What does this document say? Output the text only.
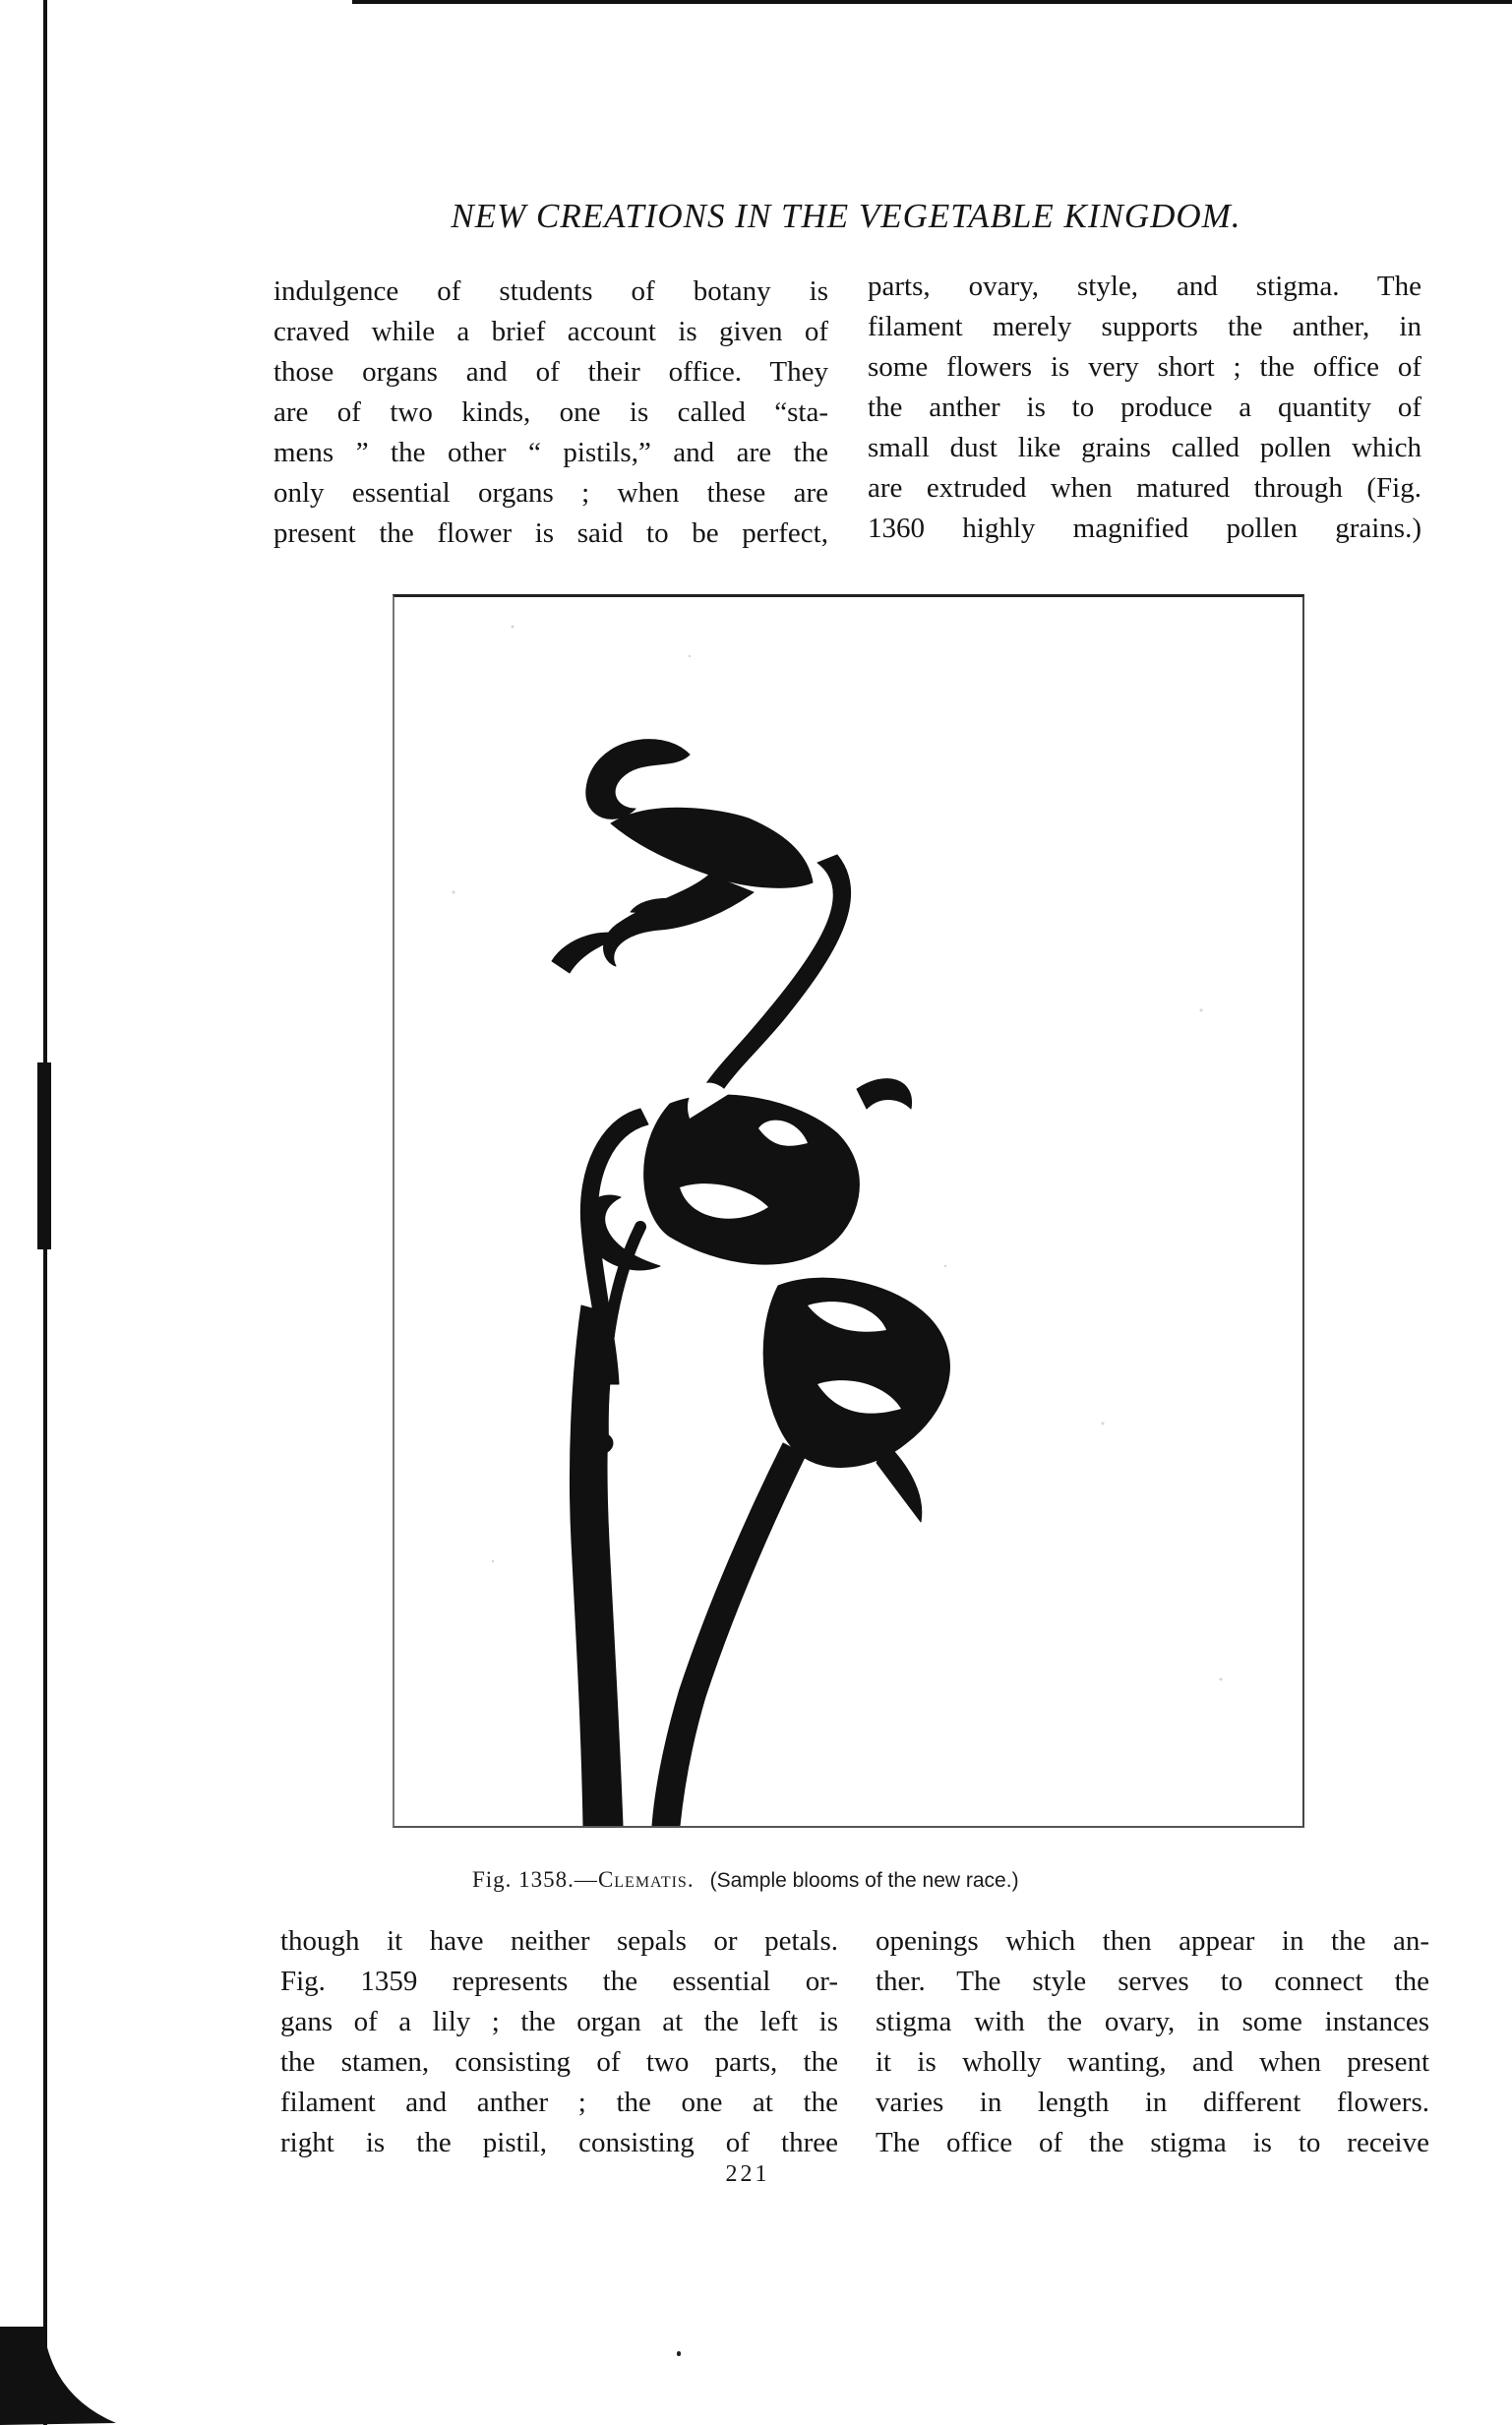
NEW CREATIONS IN THE VEGETABLE KINGDOM.
indulgence of students of botany is
craved while a brief account is given of
those organs and of their office. They
are of two kinds, one is called “sta-
mens ” the other “ pistils,” and are the
only essential organs ; when these are
present the flower is said to be perfect,
parts, ovary, style, and stigma. The
filament merely supports the anther, in
some flowers is very short ; the office of
the anther is to produce a quantity of
small dust like grains called pollen which
are extruded when matured through (Fig.
1360 highly magnified pollen grains.)
Fig. 1358.—Clematis. (Sample blooms of the new race.)
though it have neither sepals or petals.
Fig. 1359 represents the essential or-
gans of a lily ; the organ at the left is
the stamen, consisting of two parts, the
filament and anther ; the one at the
right is the pistil, consisting of three
openings which then appear in the an-
ther. The style serves to connect the
stigma with the ovary, in some instances
it is wholly wanting, and when present
varies in length in different flowers.
The office of the stigma is to receive
221
